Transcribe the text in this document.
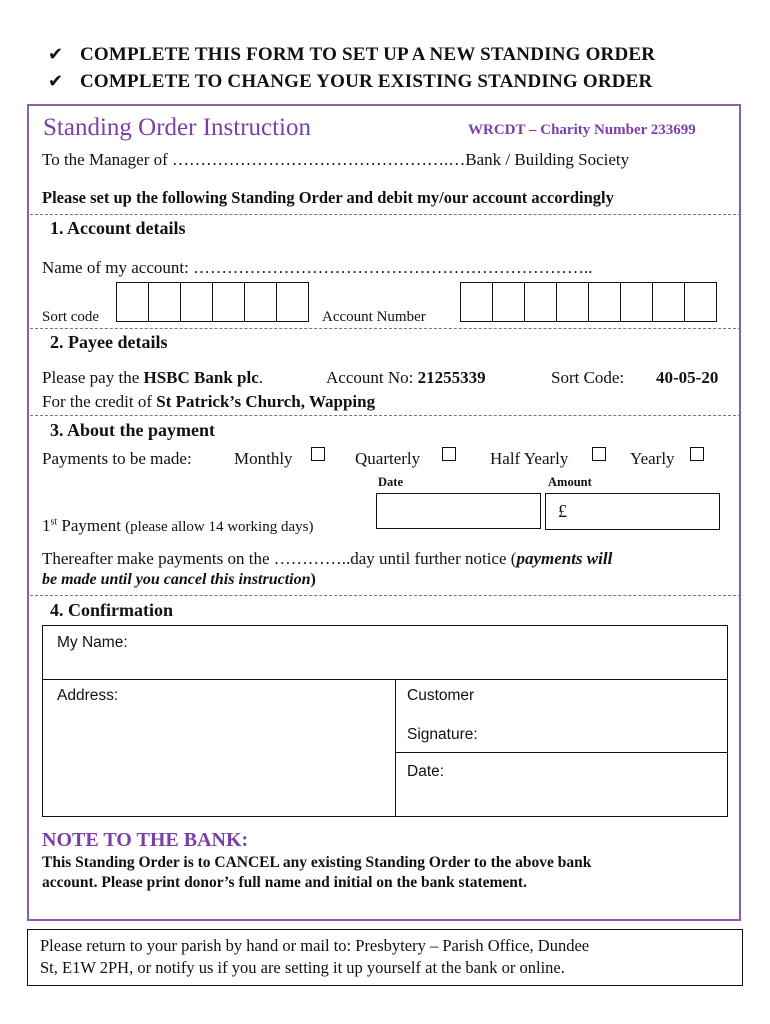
✔ COMPLETE THIS FORM TO SET UP A NEW STANDING ORDER
✔ COMPLETE TO CHANGE YOUR EXISTING STANDING ORDER
Standing Order Instruction	WRCDT – Charity Number 233699
To the Manager of ………………………………………….…Bank / Building Society
Please set up the following Standing Order and debit my/our account accordingly
1. Account details
Name of my account: ……………………………………………………………..
Sort code	Account Number
2. Payee details
Please pay the HSBC Bank plc.	Account No: 21255339	Sort Code: 40-05-20
For the credit of St Patrick’s Church, Wapping
3. About the payment
Payments to be made: Monthly	Quarterly	Half Yearly	Yearly
Date	Amount
£
1st Payment (please allow 14 working days)
Thereafter make payments on the …………..day until further notice (payments will
be made until you cancel this instruction)
4. Confirmation
My Name:
Address:	Customer
Signature:
Date:
NOTE TO THE BANK:
This Standing Order is to CANCEL any existing Standing Order to the above bank
account. Please print donor’s full name and initial on the bank statement.
Please return to your parish by hand or mail to: Presbytery – Parish Office, Dundee
St, E1W 2PH, or notify us if you are setting it up yourself at the bank or online.
